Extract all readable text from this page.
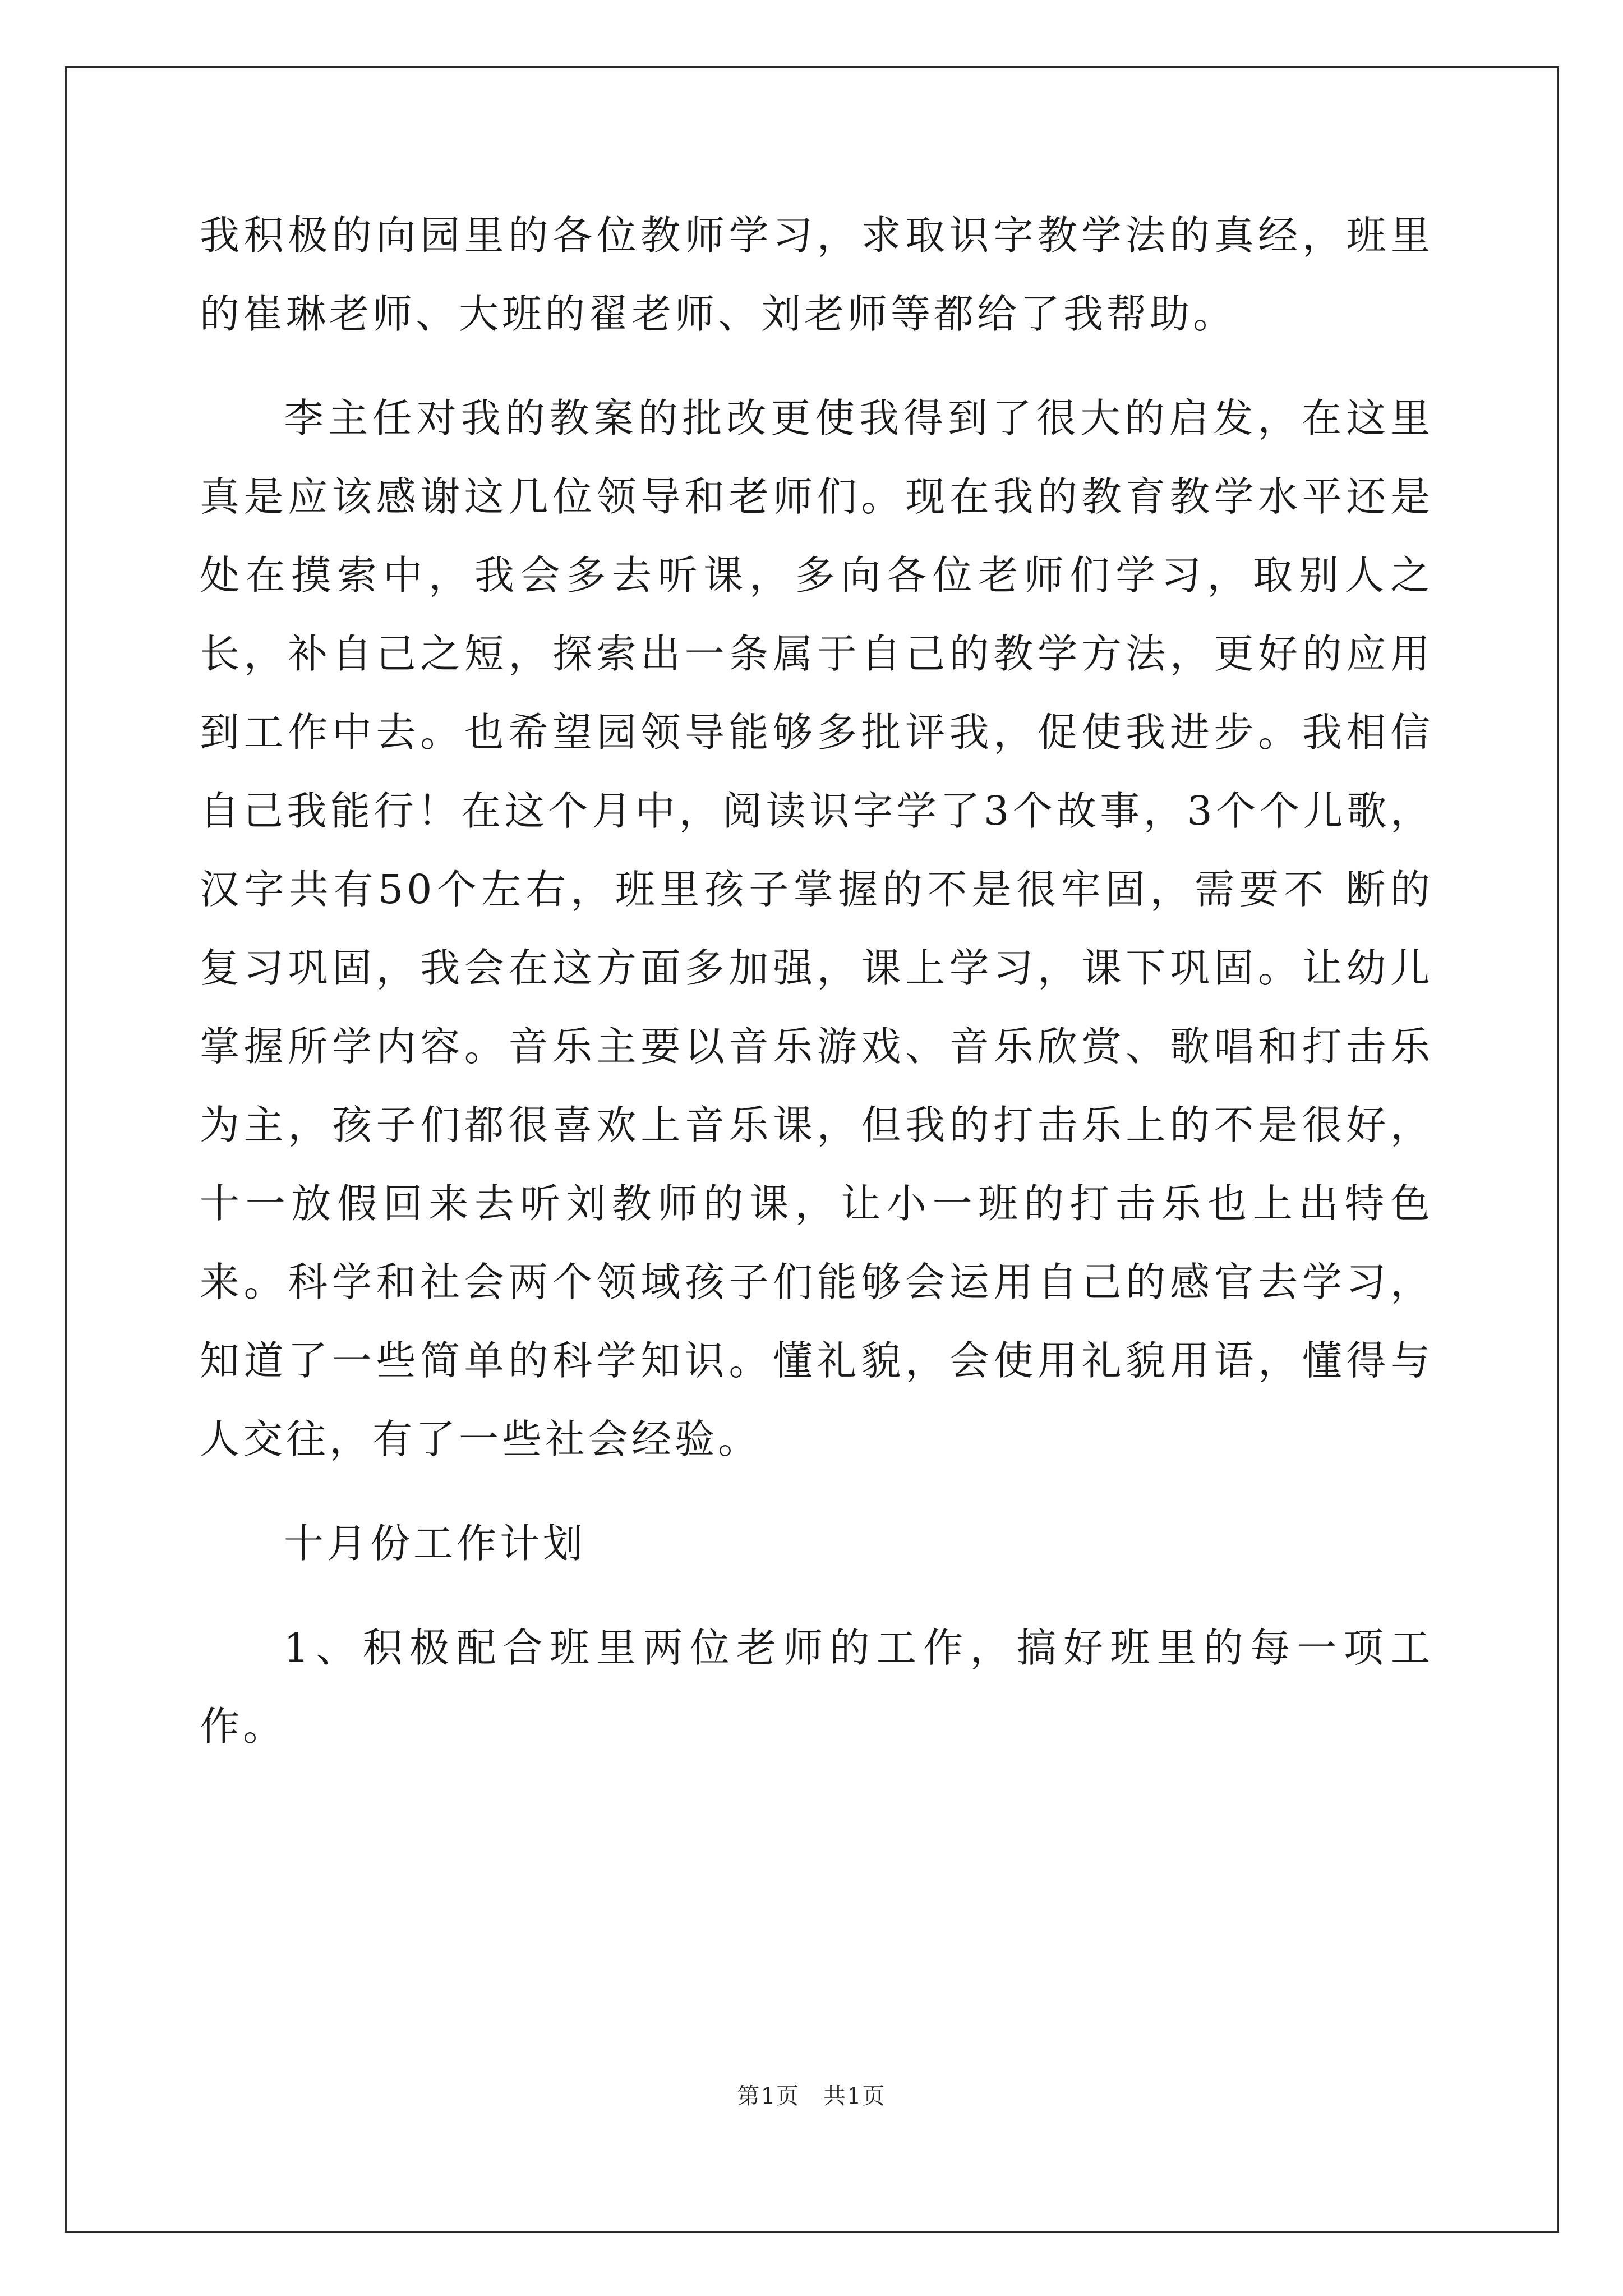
我积极的向园里的各位教师学习，求取识字教学法的真经，班里的崔琳老师、大班的翟老师、刘老师等都给了我帮助。

李主任对我的教案的批改更使我得到了很大的启发，在这里真是应该感谢这几位领导和老师们。现在我的教育教学水平还是处在摸索中，我会多去听课，多向各位老师们学习，取别人之长，补自己之短，探索出一条属于自己的教学方法，更好的应用到工作中去。也希望园领导能够多批评我，促使我进步。我相信自己我能行！在这个月中，阅读识字学了3个故事，3个个儿歌，汉字共有50个左右，班里孩子掌握的不是很牢固，需要不 断的复习巩固，我会在这方面多加强，课上学习，课下巩固。让幼儿掌握所学内容。音乐主要以音乐游戏、音乐欣赏、歌唱和打击乐为主，孩子们都很喜欢上音乐课，但我的打击乐上的不是很好，十一放假回来去听刘教师的课，让小一班的打击乐也上出特色来。科学和社会两个领域孩子们能够会运用自己的感官去学习，知道了一些简单的科学知识。懂礼貌，会使用礼貌用语，懂得与人交往，有了一些社会经验。

十月份工作计划

1、积极配合班里两位老师的工作，搞好班里的每一项工作。

第1页　共1页
